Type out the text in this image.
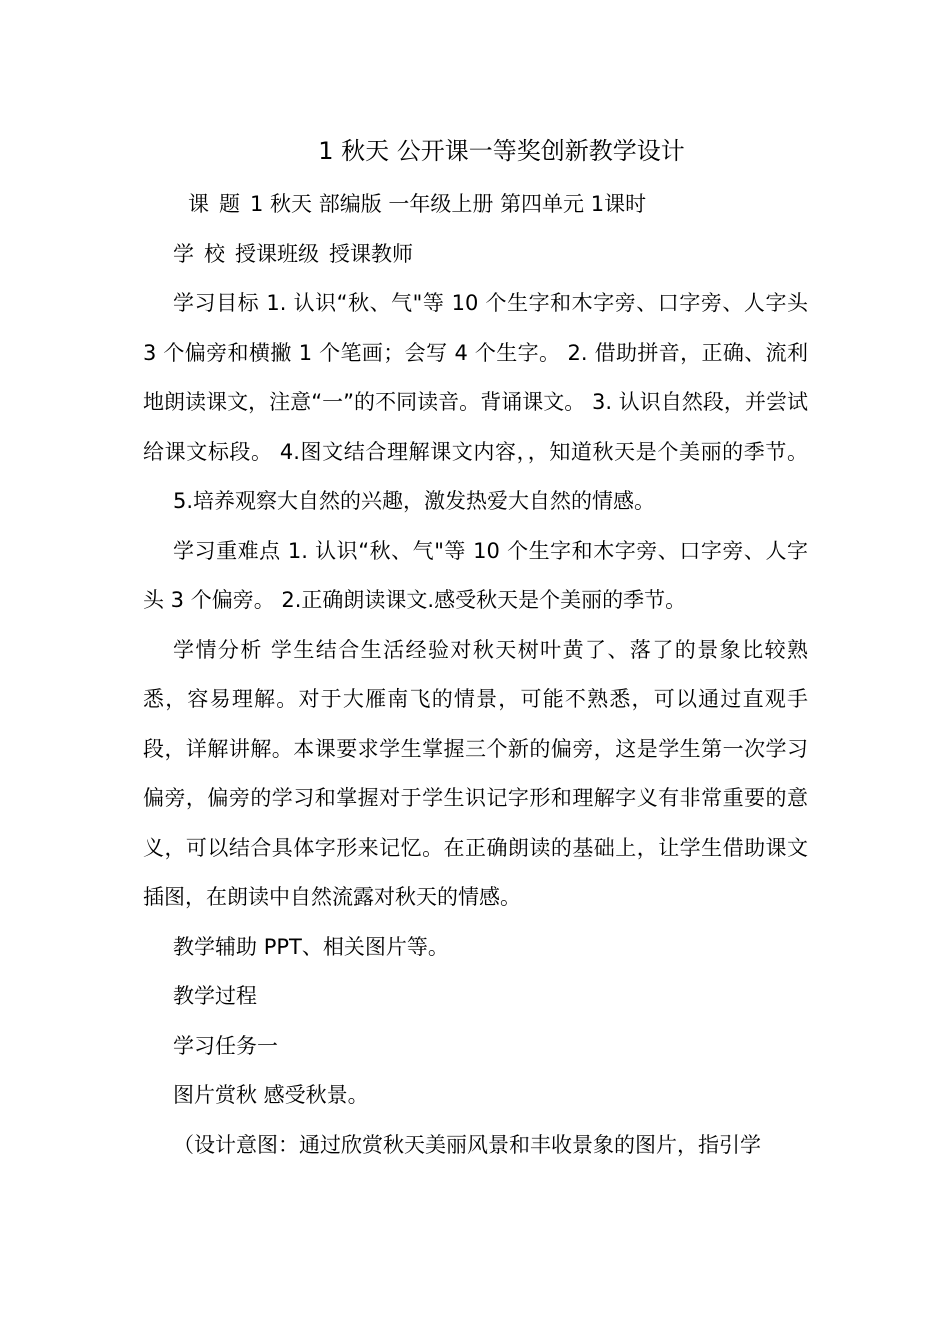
1 秋天 公开课一等奖创新教学设计
课 题 1 秋天 部编版 一年级上册 第四单元 1课时
学 校 授课班级 授课教师

学习目标 1. 认识“秋、气"等 10 个生字和木字旁、口字旁、人字头 3 个偏旁和横撇 1 个笔画；会写 4 个生字。 2. 借助拼音，正确、流利地朗读课文，注意“一”的不同读音。背诵课文。 3. 认识自然段，并尝试给课文标段。 4.图文结合理解课文内容，，知道秋天是个美丽的季节。5.培养观察大自然的兴趣，激发热爱大自然的情感。

学习重难点 1. 认识“秋、气"等 10 个生字和木字旁、口字旁、人字头 3 个偏旁。 2.正确朗读课文.感受秋天是个美丽的季节。

学情分析 学生结合生活经验对秋天树叶黄了、落了的景象比较熟悉，容易理解。对于大雁南飞的情景，可能不熟悉，可以通过直观手段，详解讲解。本课要求学生掌握三个新的偏旁，这是学生第一次学习偏旁，偏旁的学习和掌握对于学生识记字形和理解字义有非常重要的意义，可以结合具体字形来记忆。在正确朗读的基础上，让学生借助课文插图，在朗读中自然流露对秋天的情感。

教学辅助 PPT、相关图片等。

教学过程

学习任务一

图片赏秋 感受秋景。

（设计意图：通过欣赏秋天美丽风景和丰收景象的图片，指引学
